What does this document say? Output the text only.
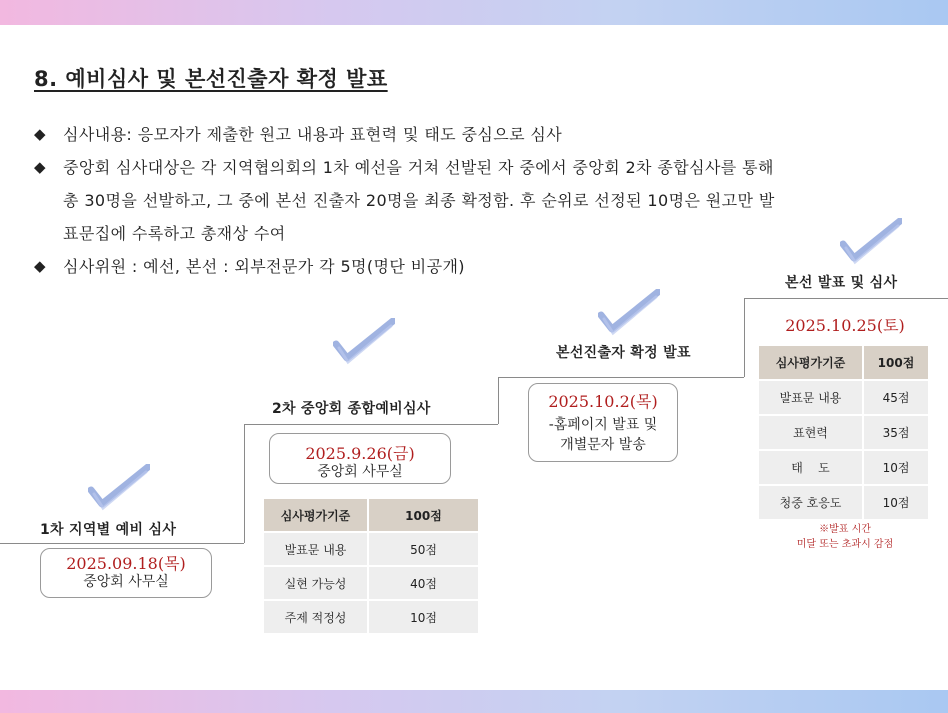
8. 예비심사 및 본선진출자 확정 발표
◆ 심사내용: 응모자가 제출한 원고 내용과 표현력 및 태도 중심으로 심사
◆ 중앙회 심사대상은 각 지역협의회의 1차 예선을 거쳐 선발된 자 중에서 중앙회 2차 종합심사를 통해
총 30명을 선발하고, 그 중에 본선 진출자 20명을 최종 확정함. 후 순위로 선정된 10명은 원고만 발
표문집에 수록하고 총재상 수여
◆ 심사위원 : 예선, 본선 : 외부전문가 각 5명(명단 비공개)
1차 지역별 예비 심사
2025.09.18(목)
중앙회 사무실
2차 중앙회 종합예비심사
2025.9.26(금)
중앙회 사무실
심사평가기준	100점
발표문 내용	50점
실현 가능성	40점
주제 적정성	10점
본선진출자 확정 발표
2025.10.2(목)
-홈페이지 발표 및
개별문자 발송
본선 발표 및 심사
2025.10.25(토)
심사평가기준	100점
발표문 내용	45점
표현력	35점
태    도	10점
청중 호응도	10점
※발표 시간
미달 또는 초과시 감점
